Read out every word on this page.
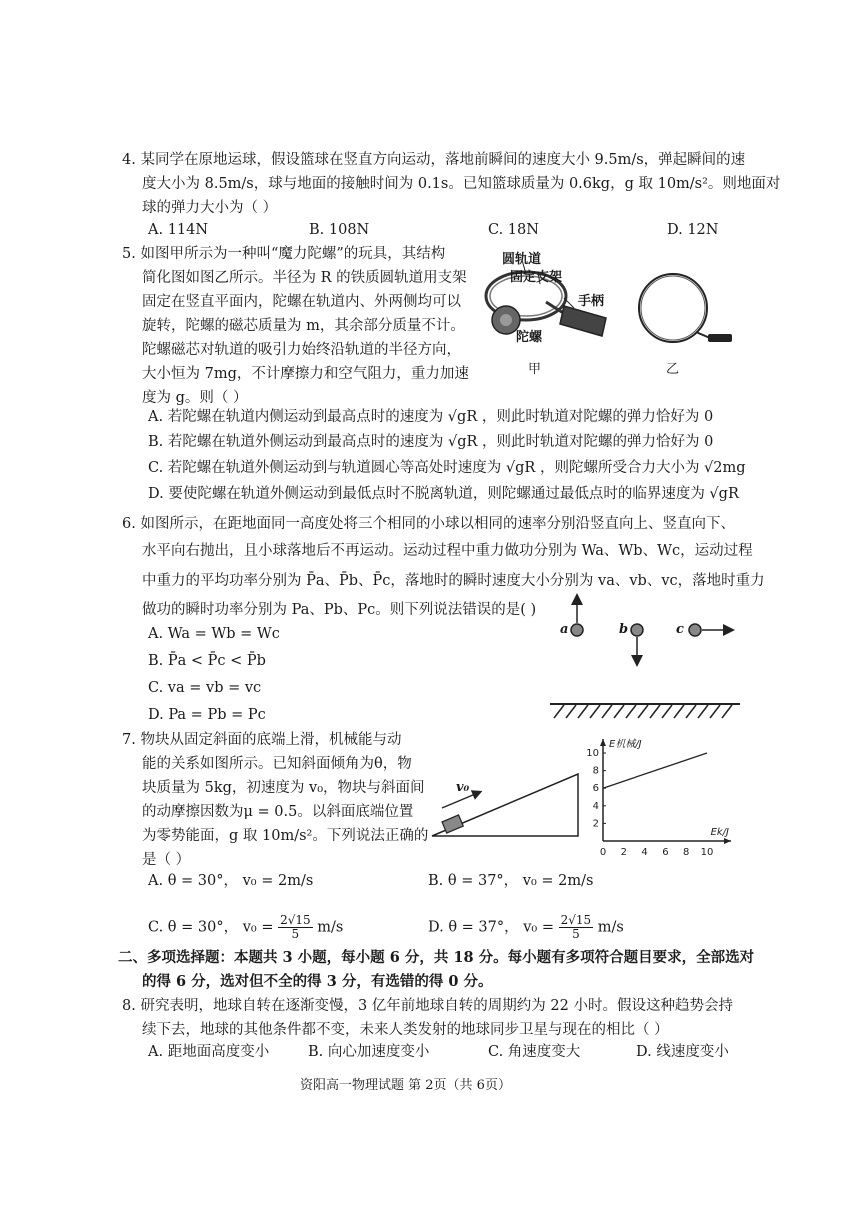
4. 某同学在原地运球，假设篮球在竖直方向运动，落地前瞬间的速度大小 9.5m/s，弹起瞬间的速
度大小为 8.5m/s，球与地面的接触时间为 0.1s。已知篮球质量为 0.6kg，g 取 10m/s²。则地面对
球的弹力大小为（ ）
A. 114N	B. 108N	C. 18N	D. 12N
5. 如图甲所示为一种叫“魔力陀螺”的玩具，其结构
简化图如图乙所示。半径为 R 的铁质圆轨道用支架
固定在竖直平面内，陀螺在轨道内、外两侧均可以
旋转，陀螺的磁芯质量为 m，其余部分质量不计。
陀螺磁芯对轨道的吸引力始终沿轨道的半径方向，
大小恒为 7mg，不计摩擦力和空气阻力，重力加速
度为 g。则（ ）
圆轨道
固定支架
手柄
陀螺
甲	乙
A. 若陀螺在轨道内侧运动到最高点时的速度为 √gR ，则此时轨道对陀螺的弹力恰好为 0
B. 若陀螺在轨道外侧运动到最高点时的速度为 √gR ，则此时轨道对陀螺的弹力恰好为 0
C. 若陀螺在轨道外侧运动到与轨道圆心等高处时速度为 √gR ，则陀螺所受合力大小为 √2mg
D. 要使陀螺在轨道外侧运动到最低点时不脱离轨道，则陀螺通过最低点时的临界速度为 √gR
6. 如图所示，在距地面同一高度处将三个相同的小球以相同的速率分别沿竖直向上、竖直向下、
水平向右抛出，且小球落地后不再运动。运动过程中重力做功分别为 Wa、Wb、Wc，运动过程
中重力的平均功率分别为 P̄a、P̄b、P̄c，落地时的瞬时速度大小分别为 va、vb、vc，落地时重力
做功的瞬时功率分别为 Pa、Pb、Pc。则下列说法错误的是( )
A. Wa = Wb = Wc
B. P̄a < P̄c < P̄b
C. va = vb = vc
D. Pa = Pb = Pc
a	b	c
7. 物块从固定斜面的底端上滑，机械能与动
能的关系如图所示。已知斜面倾角为θ，物
块质量为 5kg，初速度为 v₀，物块与斜面间
的动摩擦因数为μ = 0.5。以斜面底端位置
为零势能面，g 取 10m/s²。下列说法正确的
是（ ）
v₀
0 2 4 6 8 10
2
4
6
8
10
E机械/J
Ek/J
A. θ = 30°， v₀ = 2m/s	B. θ = 37°， v₀ = 2m/s
C. θ = 30°， $v_0 = \frac{2√15}{5} m/s$	D. θ = 37°， $v_0 = \frac{2√15}{5} m/s$
二、多项选择题：本题共 3 小题，每小题 6 分，共 18 分。每小题有多项符合题目要求，全部选对
的得 6 分，选对但不全的得 3 分，有选错的得 0 分。
8. 研究表明，地球自转在逐渐变慢，3 亿年前地球自转的周期约为 22 小时。假设这种趋势会持
续下去，地球的其他条件都不变，未来人类发射的地球同步卫星与现在的相比（ ）
A. 距地面高度变小	B. 向心加速度变小	C. 角速度变大	D. 线速度变小
资阳高一物理试题 第 2页（共 6页）
